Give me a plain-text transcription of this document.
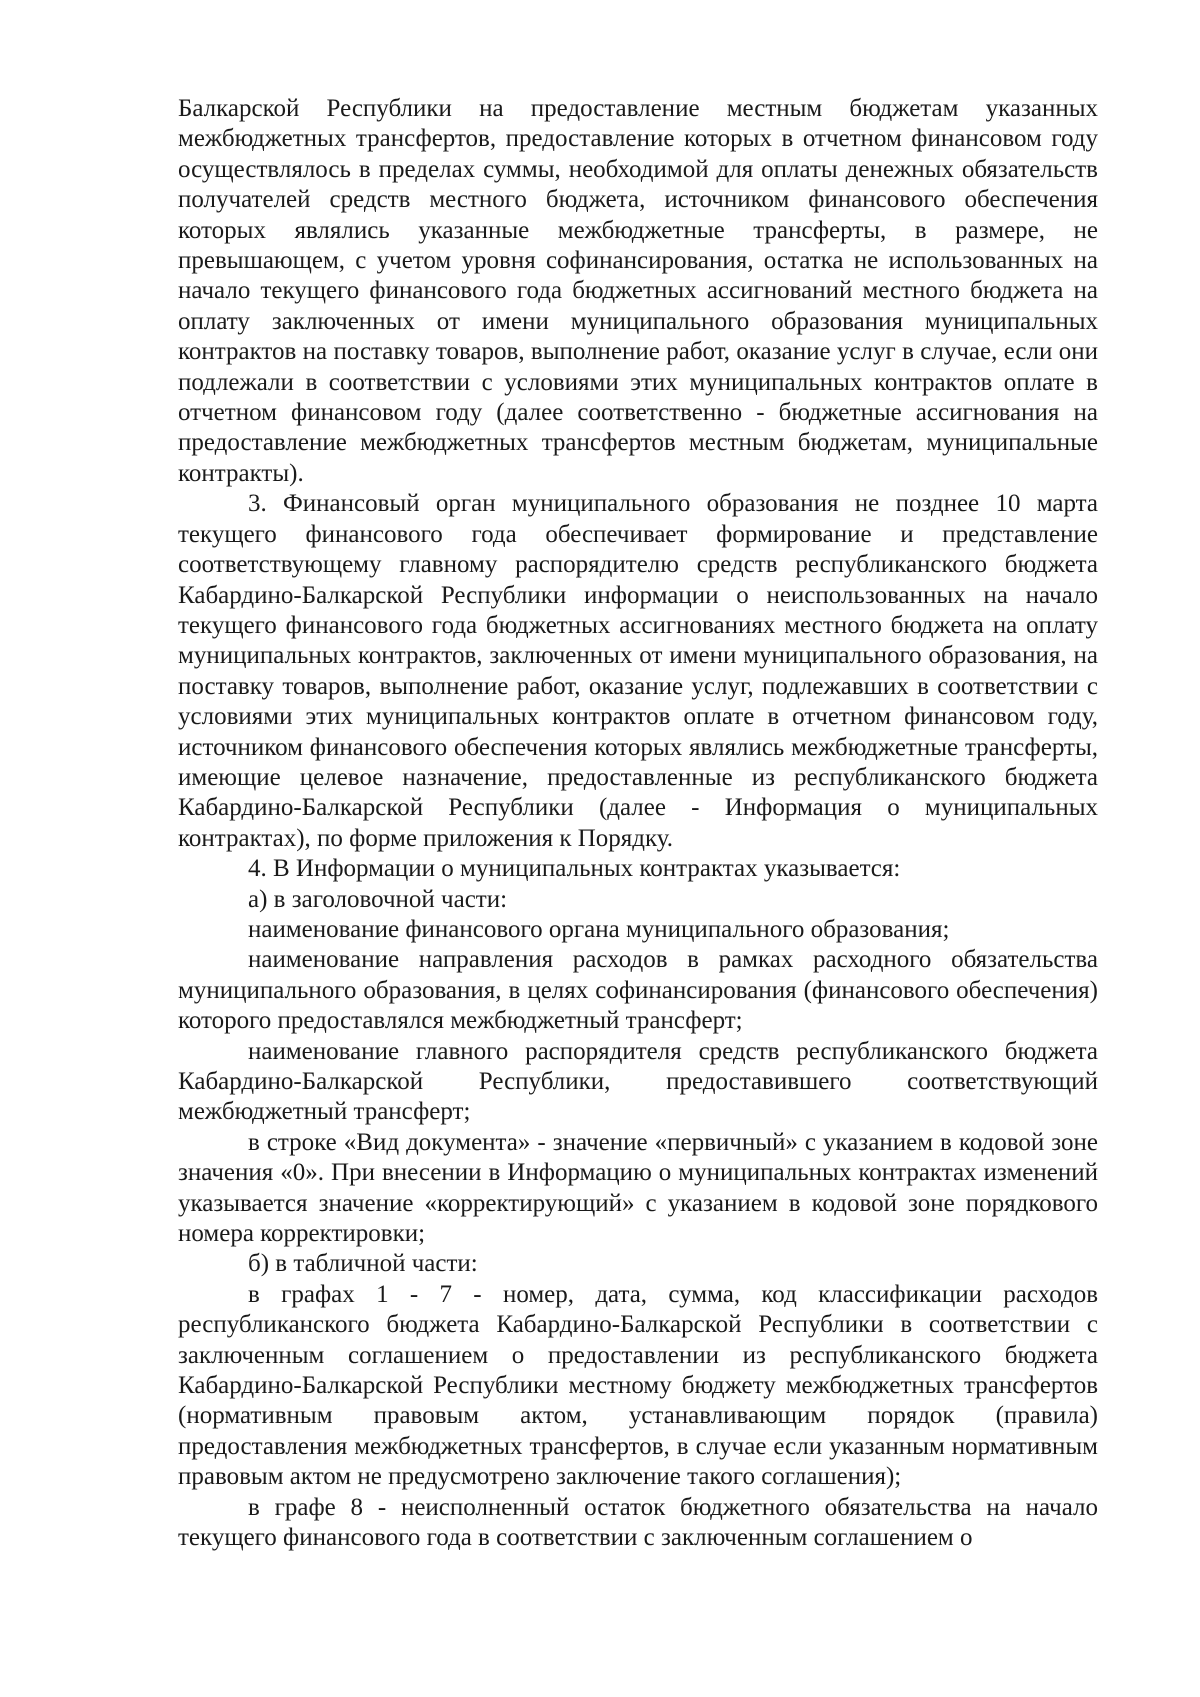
Балкарской Республики на предоставление местным бюджетам указанных межбюджетных трансфертов, предоставление которых в отчетном финансовом году осуществлялось в пределах суммы, необходимой для оплаты денежных обязательств получателей средств местного бюджета, источником финансового обеспечения которых являлись указанные межбюджетные трансферты, в размере, не превышающем, с учетом уровня софинансирования, остатка не использованных на начало текущего финансового года бюджетных ассигнований местного бюджета на оплату заключенных от имени муниципального образования муниципальных контрактов на поставку товаров, выполнение работ, оказание услуг в случае, если они подлежали в соответствии с условиями этих муниципальных контрактов оплате в отчетном финансовом году (далее соответственно - бюджетные ассигнования на предоставление межбюджетных трансфертов местным бюджетам, муниципальные контракты).

3. Финансовый орган муниципального образования не позднее 10 марта текущего финансового года обеспечивает формирование и представление соответствующему главному распорядителю средств республиканского бюджета Кабардино-Балкарской Республики информации о неиспользованных на начало текущего финансового года бюджетных ассигнованиях местного бюджета на оплату муниципальных контрактов, заключенных от имени муниципального образования, на поставку товаров, выполнение работ, оказание услуг, подлежавших в соответствии с условиями этих муниципальных контрактов оплате в отчетном финансовом году, источником финансового обеспечения которых являлись межбюджетные трансферты, имеющие целевое назначение, предоставленные из республиканского бюджета Кабардино-Балкарской Республики (далее - Информация о муниципальных контрактах), по форме приложения к Порядку.

4. В Информации о муниципальных контрактах указывается:

а) в заголовочной части:

наименование финансового органа муниципального образования;

наименование направления расходов в рамках расходного обязательства муниципального образования, в целях софинансирования (финансового обеспечения) которого предоставлялся межбюджетный трансферт;

наименование главного распорядителя средств республиканского бюджета Кабардино-Балкарской Республики, предоставившего соответствующий межбюджетный трансферт;

в строке «Вид документа» - значение «первичный» с указанием в кодовой зоне значения «0». При внесении в Информацию о муниципальных контрактах изменений указывается значение «корректирующий» с указанием в кодовой зоне порядкового номера корректировки;

б) в табличной части:

в графах 1 - 7 - номер, дата, сумма, код классификации расходов республиканского бюджета Кабардино-Балкарской Республики в соответствии с заключенным соглашением о предоставлении из республиканского бюджета Кабардино-Балкарской Республики местному бюджету межбюджетных трансфертов (нормативным правовым актом, устанавливающим порядок (правила) предоставления межбюджетных трансфертов, в случае если указанным нормативным правовым актом не предусмотрено заключение такого соглашения);

в графе 8 - неисполненный остаток бюджетного обязательства на начало текущего финансового года в соответствии с заключенным соглашением о
